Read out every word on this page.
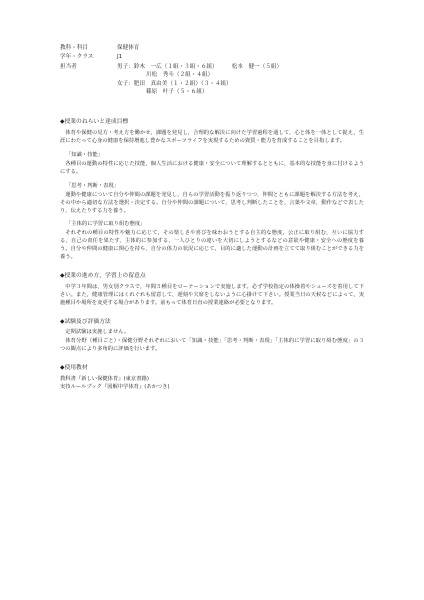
教科・科目	保健体育
学年・クラス	J1
担当者	男子：鈴木　一広（１組・３組・６組）	松本　健一（５組）
川松　秀斗（２組・４組）
女子：肥田　真由美（１・２組）（３・４組）
篠原　叶子（５・６組）
◆授業のねらいと達成目標

体育や保健の見方・考え方を働かせ，課題を発見し，合理的な解決に向けた学習過程を通して，心と体を一体として捉え，生涯にわたって心身の健康を保持増進し豊かなスポーツライフを実現するための資質・能力を育成することを目指します。

「知識・技能」

各種目の運動の特性に応じた技能，個人生活における健康・安全について理解するとともに，基本的な技能を身に付けるようにする。

「思考・判断・表現」

運動や健康について自分や仲間の課題を発見し，自らの学習活動を振り返りつつ，仲間とともに課題を解決する方法を考え，その中から適切な方法を選択・決定する。自分や仲間の課題について，思考し判断したことを，言葉や文章，動作などで表したり，伝えたりする力を養う。

「主体的に学習に取り組む態度」

それぞれの種目の特性や魅力に応じて，その楽しさや喜びを味わおうとする自主的な態度，公正に取り組む，互いに協力する，自己の責任を果たす，主体的に参加する，一人ひとりの違いを大切にしようとするなどの意欲や健康・安全への態度を養う。自分や仲間の健康に関心を持ち，自分の体力の状況に応じて，目的に適した運動の計画を立てて取り組むことができる力を養う。

◆授業の進め方，学習上の留意点

中学３年間は，男女別クラスで，年間５種目をローテーションで実施します。必ず学校指定の体操着やシューズを着用して下さい。また，健康管理にはくれぐれも留意して，遅刻や欠席をしないように心掛けて下さい。授業当日の天候などによって，実施種目や場所を変更する場合があります。前もって体育日直の授業連絡が必要となります。

◆試験及び評価方法

定期試験は実施しません。

体育分野（種目ごと）・保健分野それぞれにおいて「知識・技能」「思考・判断・表現」「主体的に学習に取り組む態度」の３つの観点により多角的に評価を行います。

◆使用教材
教科書『新しい保健体育』(東京書籍)
実技ルールブック『図解中学体育』(あかつき)
